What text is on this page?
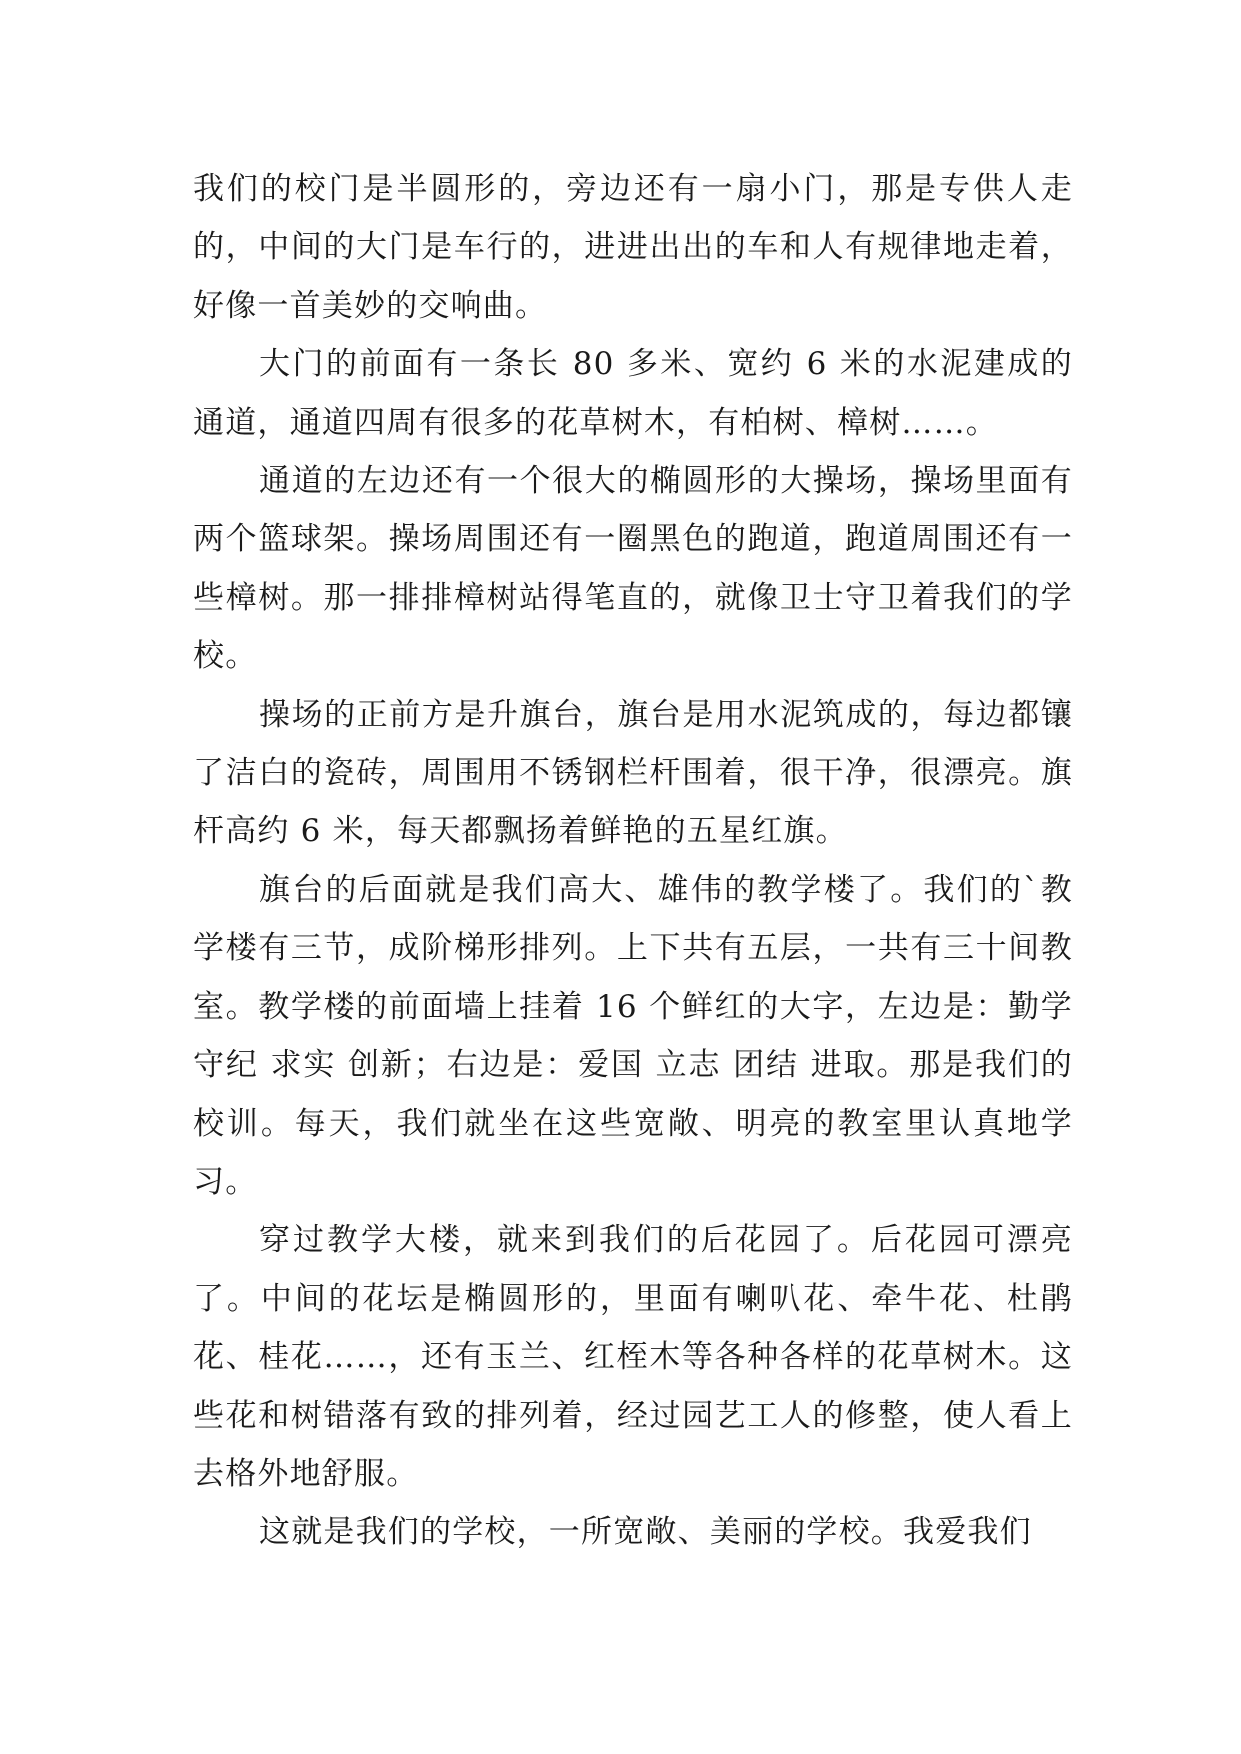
我们的校门是半圆形的，旁边还有一扇小门，那是专供人走的，中间的大门是车行的，进进出出的车和人有规律地走着，好像一首美妙的交响曲。

大门的前面有一条长 80 多米、宽约 6 米的水泥建成的通道，通道四周有很多的花草树木，有柏树、樟树……。

通道的左边还有一个很大的椭圆形的大操场，操场里面有两个篮球架。操场周围还有一圈黑色的跑道，跑道周围还有一些樟树。那一排排樟树站得笔直的，就像卫士守卫着我们的学校。

操场的正前方是升旗台，旗台是用水泥筑成的，每边都镶了洁白的瓷砖，周围用不锈钢栏杆围着，很干净，很漂亮。旗杆高约 6 米，每天都飘扬着鲜艳的五星红旗。

旗台的后面就是我们高大、雄伟的教学楼了。我们的`教学楼有三节，成阶梯形排列。上下共有五层，一共有三十间教室。教学楼的前面墙上挂着 16 个鲜红的大字，左边是：勤学 守纪 求实 创新；右边是：爱国 立志 团结 进取。那是我们的校训。每天，我们就坐在这些宽敞、明亮的教室里认真地学习。

穿过教学大楼，就来到我们的后花园了。后花园可漂亮了。中间的花坛是椭圆形的，里面有喇叭花、牵牛花、杜鹃花、桂花……，还有玉兰、红桎木等各种各样的花草树木。这些花和树错落有致的排列着，经过园艺工人的修整，使人看上去格外地舒服。

这就是我们的学校，一所宽敞、美丽的学校。我爱我们
